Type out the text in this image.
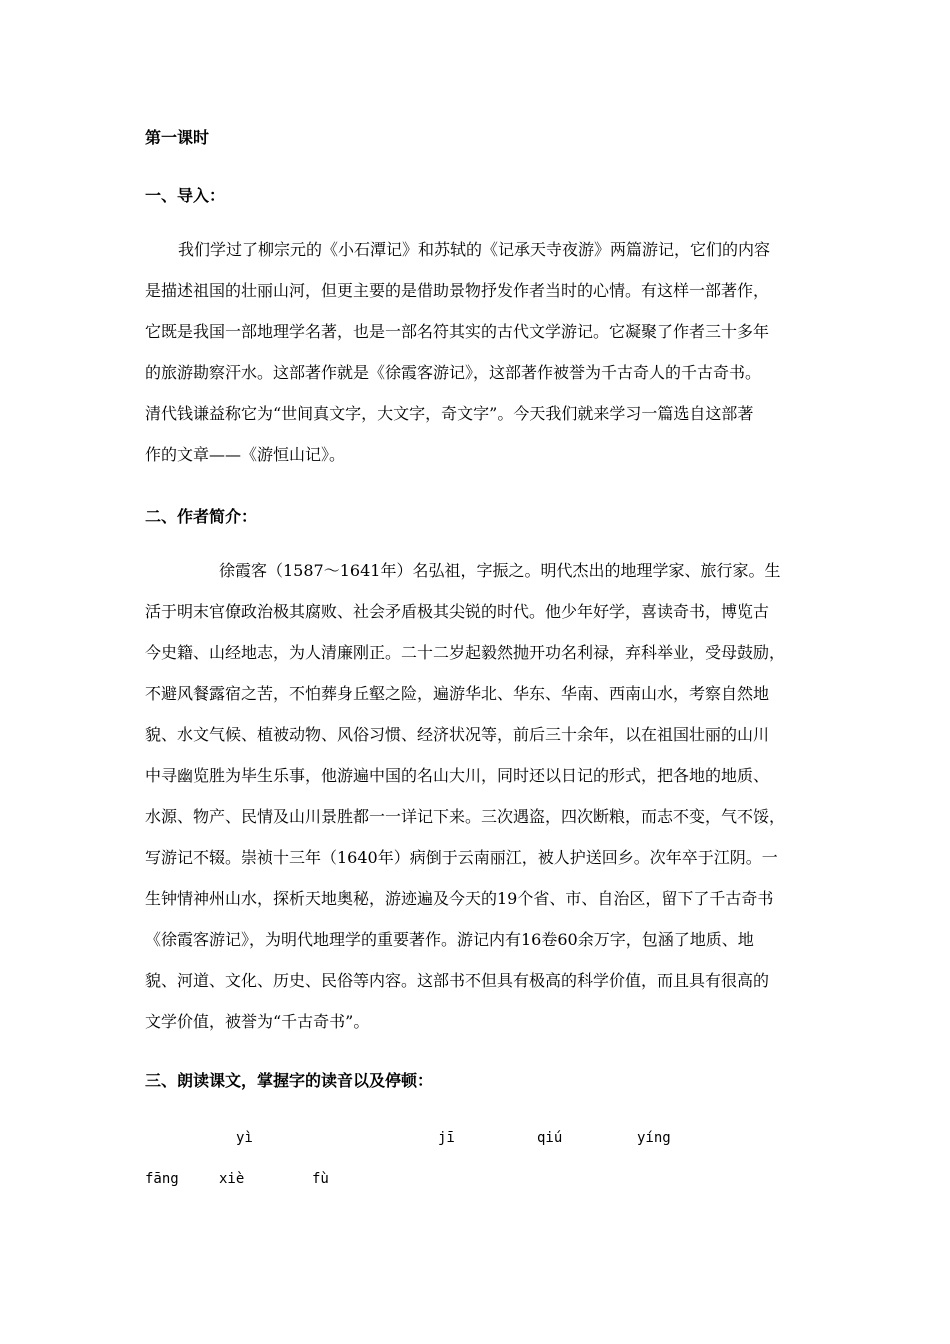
第一课时
一、导入：
我们学过了柳宗元的《小石潭记》和苏轼的《记承天寺夜游》两篇游记，它们的内容
是描述祖国的壮丽山河，但更主要的是借助景物抒发作者当时的心情。有这样一部著作，
它既是我国一部地理学名著，也是一部名符其实的古代文学游记。它凝聚了作者三十多年
的旅游勘察汗水。这部著作就是《徐霞客游记》，这部著作被誉为千古奇人的千古奇书。
清代钱谦益称它为“世间真文字，大文字，奇文字”。今天我们就来学习一篇选自这部著
作的文章——《游恒山记》。
二、作者简介：
徐霞客（1587～1641年）名弘祖，字振之。明代杰出的地理学家、旅行家。生
活于明末官僚政治极其腐败、社会矛盾极其尖锐的时代。他少年好学，喜读奇书，博览古
今史籍、山经地志，为人清廉刚正。二十二岁起毅然抛开功名利禄，弃科举业，受母鼓励，
不避风餐露宿之苦，不怕葬身丘壑之险，遍游华北、华东、华南、西南山水，考察自然地
貌、水文气候、植被动物、风俗习惯、经济状况等，前后三十余年，以在祖国壮丽的山川
中寻幽览胜为毕生乐事，他游遍中国的名山大川，同时还以日记的形式，把各地的地质、
水源、物产、民情及山川景胜都一一详记下来。三次遇盗，四次断粮，而志不变，气不馁，
写游记不辍。崇祯十三年（1640年）病倒于云南丽江，被人护送回乡。次年卒于江阴。一
生钟情神州山水，探析天地奥秘，游迹遍及今天的19个省、市、自治区，留下了千古奇书
《徐霞客游记》，为明代地理学的重要著作。游记内有16卷60余万字，包涵了地质、地
貌、河道、文化、历史、民俗等内容。这部书不但具有极高的科学价值，而且具有很高的
文学价值，被誉为“千古奇书”。
三、朗读课文，掌握字的读音以及停顿：
yì	jī	qiú	yíng
fāng	xiè	fù
